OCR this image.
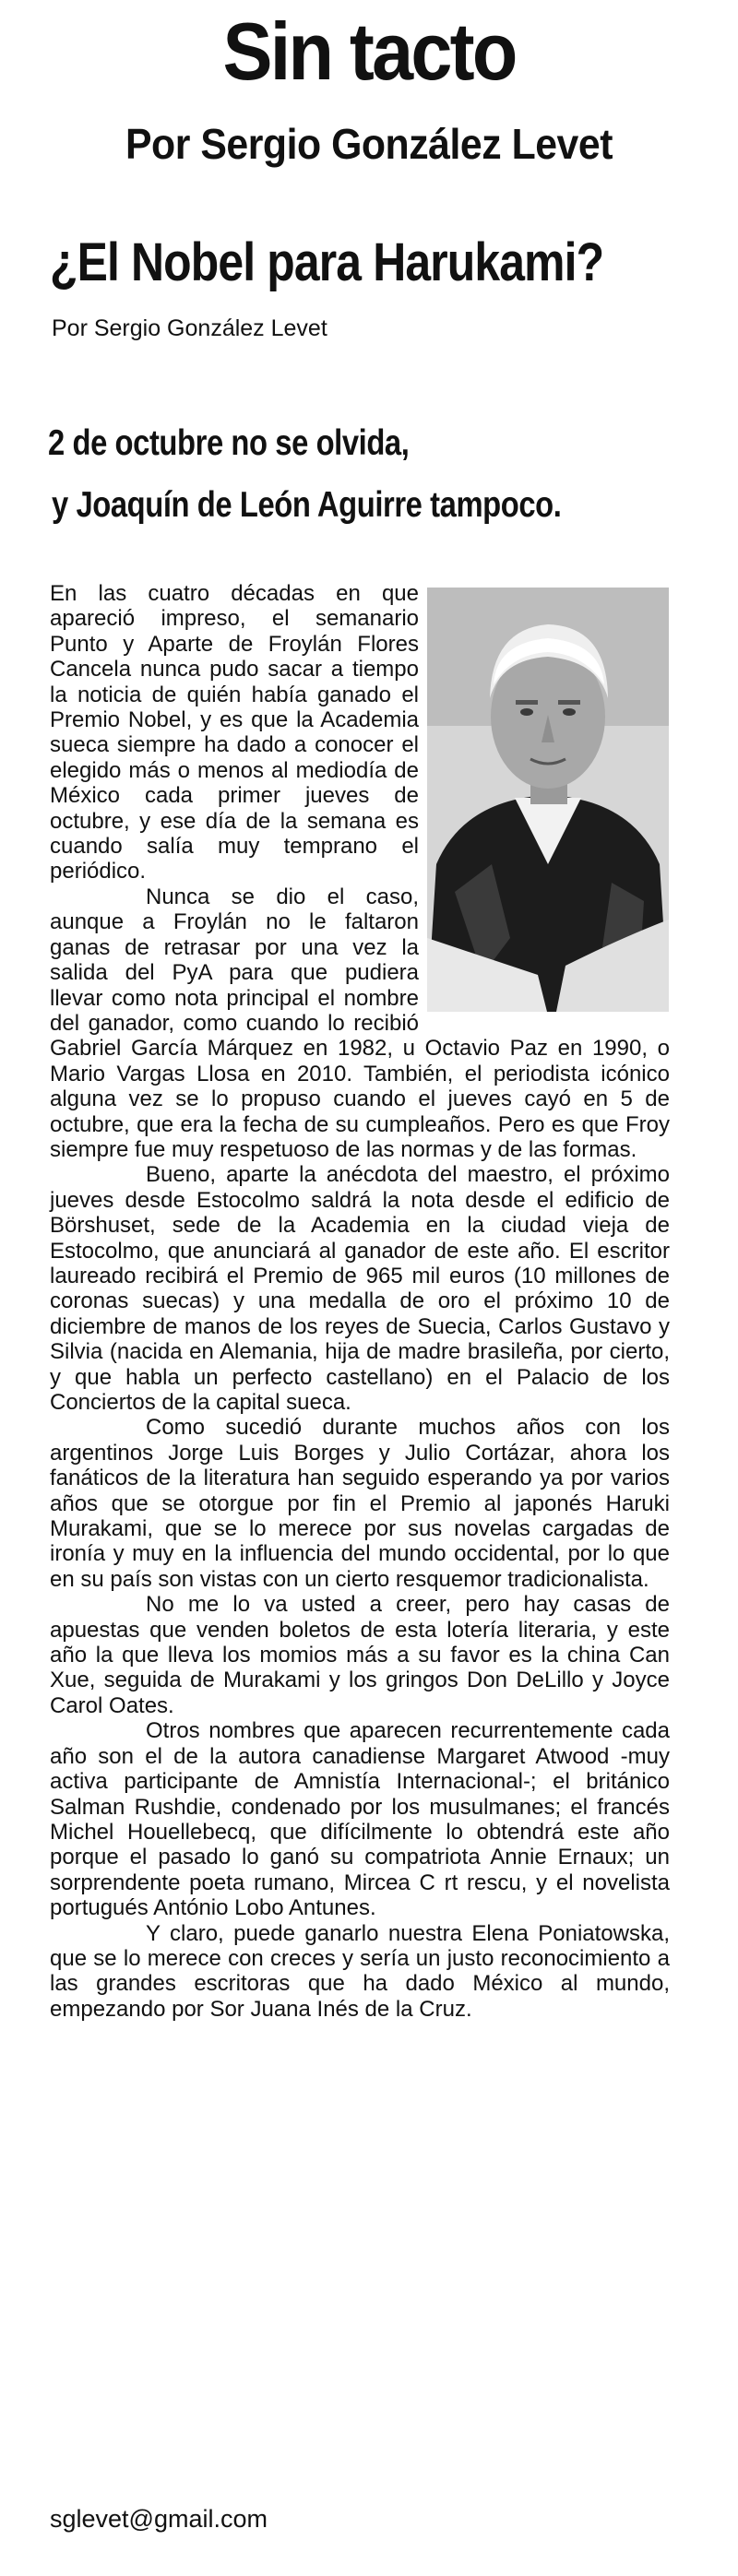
Sin tacto
Por Sergio González Levet
¿El Nobel para Harukami?
Por Sergio González Levet
2 de octubre no se olvida,
y Joaquín de León Aguirre tampoco.

En las cuatro décadas en que apareció impreso, el semanario Punto y Aparte de Froylán Flores Cancela nunca pudo sacar a tiempo la noticia de quién había ganado el Premio Nobel, y es que la Academia sueca siempre ha dado a conocer el elegido más o menos al mediodía de México cada primer jueves de octubre, y ese día de la semana es cuando salía muy temprano el periódico.

Nunca se dio el caso, aunque a Froylán no le faltaron ganas de retrasar por una vez la salida del PyA para que pudiera llevar como nota principal el nombre del ganador, como cuando lo recibió Gabriel García Márquez en 1982, u Octavio Paz en 1990, o Mario Vargas Llosa en 2010. También, el periodista icónico alguna vez se lo propuso cuando el jueves cayó en 5 de octubre, que era la fecha de su cumpleaños. Pero es que Froy siempre fue muy respetuoso de las normas y de las formas.

Bueno, aparte la anécdota del maestro, el próximo jueves desde Estocolmo saldrá la nota desde el edificio de Börshuset, sede de la Academia en la ciudad vieja de Estocolmo, que anunciará al ganador de este año. El escritor laureado recibirá el Premio de 965 mil euros (10 millones de coronas suecas) y una medalla de oro el próximo 10 de diciembre de manos de los reyes de Suecia, Carlos Gustavo y Silvia (nacida en Alemania, hija de madre brasileña, por cierto, y que habla un perfecto castellano) en el Palacio de los Conciertos de la capital sueca.

Como sucedió durante muchos años con los argentinos Jorge Luis Borges y Julio Cortázar, ahora los fanáticos de la literatura han seguido esperando ya por varios años que se otorgue por fin el Premio al japonés Haruki Murakami, que se lo merece por sus novelas cargadas de ironía y muy en la influencia del mundo occidental, por lo que en su país son vistas con un cierto resquemor tradicionalista.

No me lo va usted a creer, pero hay casas de apuestas que venden boletos de esta lotería literaria, y este año la que lleva los momios más a su favor es la china Can Xue, seguida de Murakami y los gringos Don DeLillo y Joyce Carol Oates.

Otros nombres que aparecen recurrentemente cada año son el de la autora canadiense Margaret Atwood -muy activa participante de Amnistía Internacional-; el británico Salman Rushdie, condenado por los musulmanes; el francés Michel Houellebecq, que difícilmente lo obtendrá este año porque el pasado lo ganó su compatriota Annie Ernaux; un sorprendente poeta rumano, Mircea C rt rescu, y el novelista portugués António Lobo Antunes.

Y claro, puede ganarlo nuestra Elena Poniatowska, que se lo merece con creces y sería un justo reconocimiento a las grandes escritoras que ha dado México al mundo, empezando por Sor Juana Inés de la Cruz.

sglevet@gmail.com
